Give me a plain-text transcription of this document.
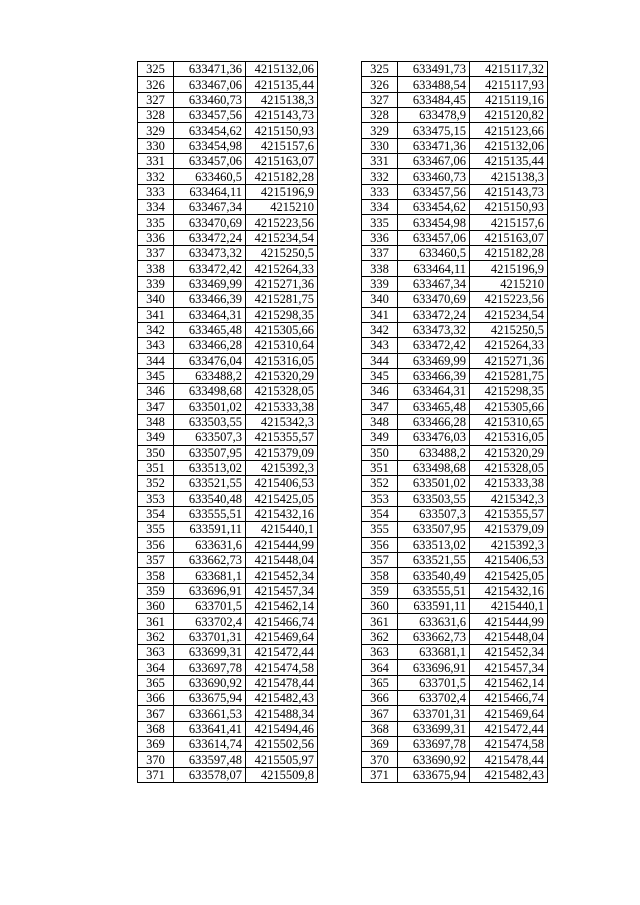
325	633471,36	4215132,06
326	633467,06	4215135,44
327	633460,73	4215138,3
328	633457,56	4215143,73
329	633454,62	4215150,93
330	633454,98	4215157,6
331	633457,06	4215163,07
332	633460,5	4215182,28
333	633464,11	4215196,9
334	633467,34	4215210
335	633470,69	4215223,56
336	633472,24	4215234,54
337	633473,32	4215250,5
338	633472,42	4215264,33
339	633469,99	4215271,36
340	633466,39	4215281,75
341	633464,31	4215298,35
342	633465,48	4215305,66
343	633466,28	4215310,64
344	633476,04	4215316,05
345	633488,2	4215320,29
346	633498,68	4215328,05
347	633501,02	4215333,38
348	633503,55	4215342,3
349	633507,3	4215355,57
350	633507,95	4215379,09
351	633513,02	4215392,3
352	633521,55	4215406,53
353	633540,48	4215425,05
354	633555,51	4215432,16
355	633591,11	4215440,1
356	633631,6	4215444,99
357	633662,73	4215448,04
358	633681,1	4215452,34
359	633696,91	4215457,34
360	633701,5	4215462,14
361	633702,4	4215466,74
362	633701,31	4215469,64
363	633699,31	4215472,44
364	633697,78	4215474,58
365	633690,92	4215478,44
366	633675,94	4215482,43
367	633661,53	4215488,34
368	633641,41	4215494,46
369	633614,74	4215502,56
370	633597,48	4215505,97
371	633578,07	4215509,8
325	633491,73	4215117,32
326	633488,54	4215117,93
327	633484,45	4215119,16
328	633478,9	4215120,82
329	633475,15	4215123,66
330	633471,36	4215132,06
331	633467,06	4215135,44
332	633460,73	4215138,3
333	633457,56	4215143,73
334	633454,62	4215150,93
335	633454,98	4215157,6
336	633457,06	4215163,07
337	633460,5	4215182,28
338	633464,11	4215196,9
339	633467,34	4215210
340	633470,69	4215223,56
341	633472,24	4215234,54
342	633473,32	4215250,5
343	633472,42	4215264,33
344	633469,99	4215271,36
345	633466,39	4215281,75
346	633464,31	4215298,35
347	633465,48	4215305,66
348	633466,28	4215310,65
349	633476,03	4215316,05
350	633488,2	4215320,29
351	633498,68	4215328,05
352	633501,02	4215333,38
353	633503,55	4215342,3
354	633507,3	4215355,57
355	633507,95	4215379,09
356	633513,02	4215392,3
357	633521,55	4215406,53
358	633540,49	4215425,05
359	633555,51	4215432,16
360	633591,11	4215440,1
361	633631,6	4215444,99
362	633662,73	4215448,04
363	633681,1	4215452,34
364	633696,91	4215457,34
365	633701,5	4215462,14
366	633702,4	4215466,74
367	633701,31	4215469,64
368	633699,31	4215472,44
369	633697,78	4215474,58
370	633690,92	4215478,44
371	633675,94	4215482,43
